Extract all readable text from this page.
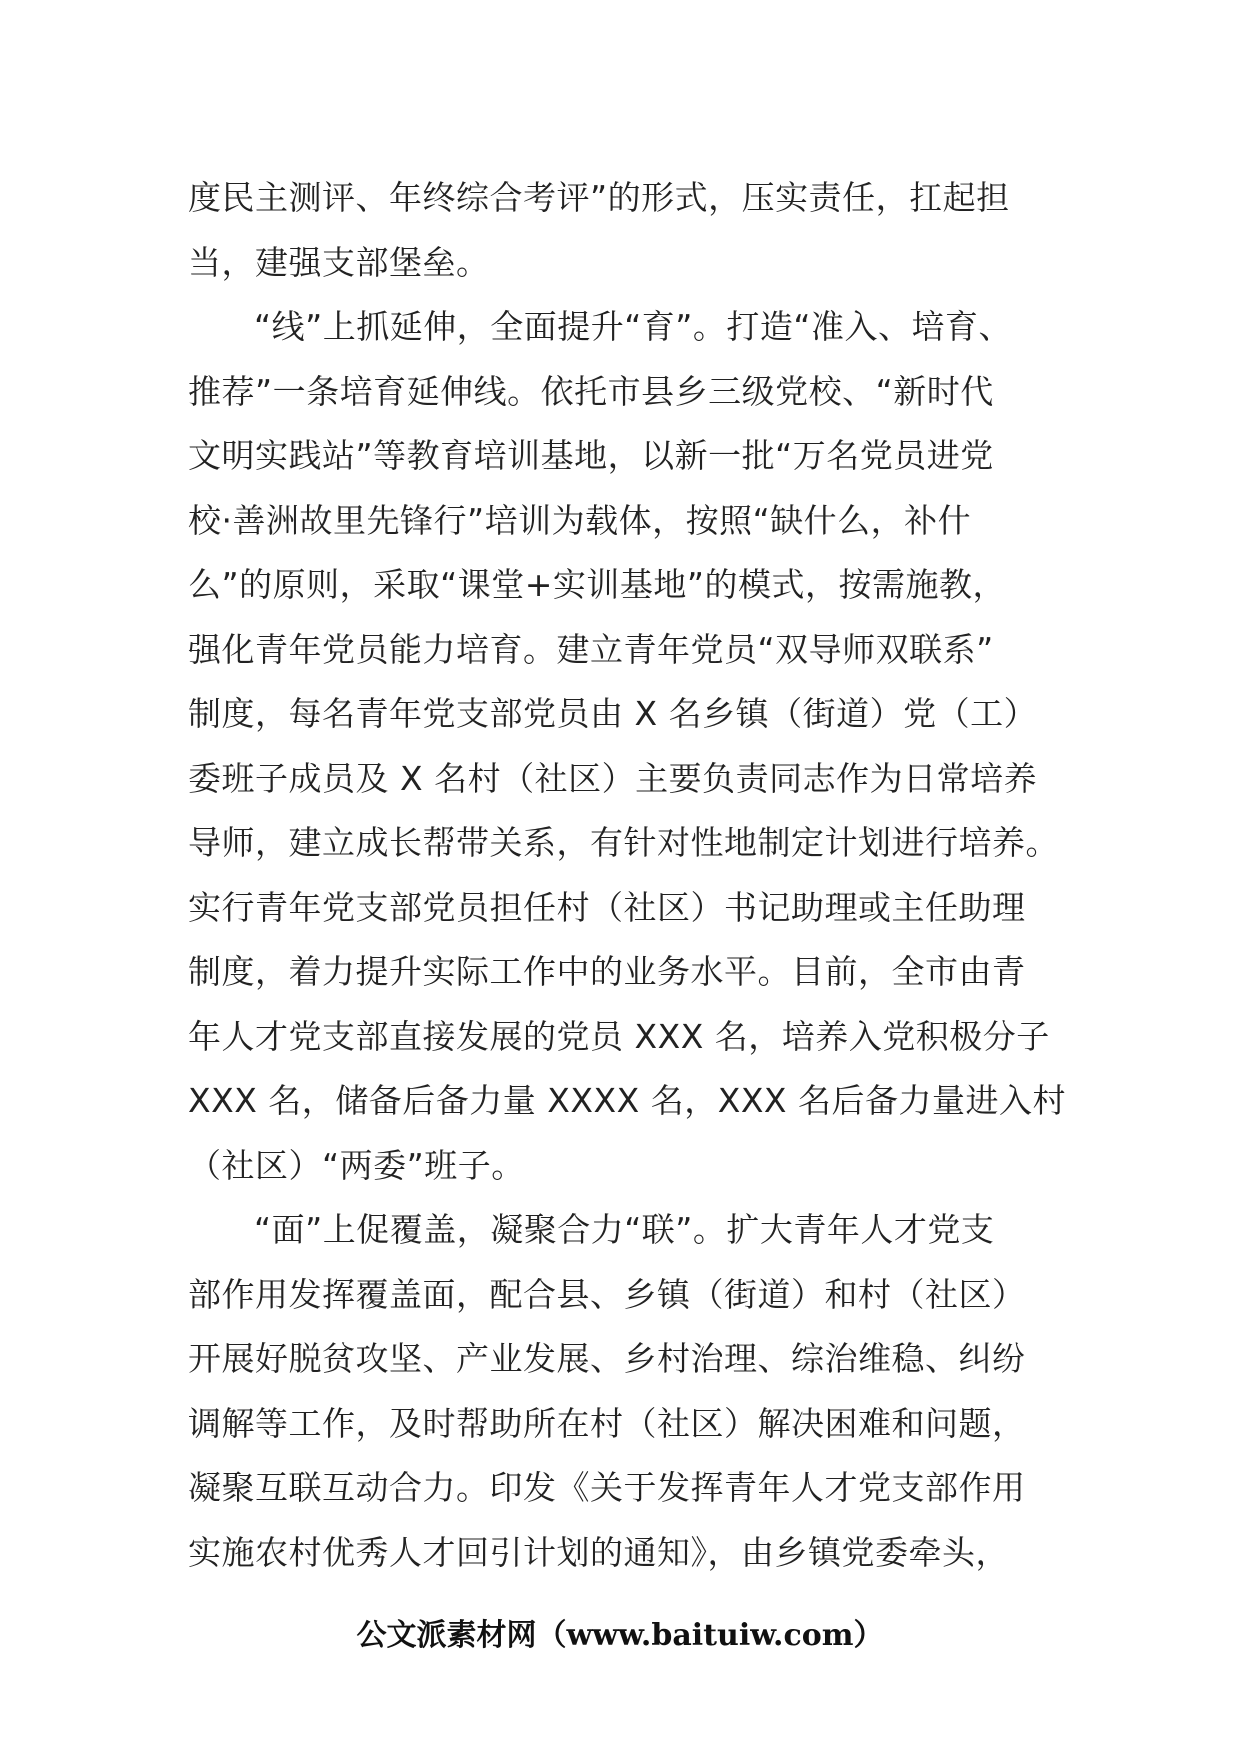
度民主测评、年终综合考评”的形式，压实责任，扛起担
当，建强支部堡垒。
“线”上抓延伸，全面提升“育”。打造“准入、培育、
推荐”一条培育延伸线。依托市县乡三级党校、“新时代
文明实践站”等教育培训基地，以新一批“万名党员进党
校·善洲故里先锋行”培训为载体，按照“缺什么，补什
么”的原则，采取“课堂+实训基地”的模式，按需施教，
强化青年党员能力培育。建立青年党员“双导师双联系”
制度，每名青年党支部党员由 X 名乡镇（街道）党（工）
委班子成员及 X 名村（社区）主要负责同志作为日常培养
导师，建立成长帮带关系，有针对性地制定计划进行培养。
实行青年党支部党员担任村（社区）书记助理或主任助理
制度，着力提升实际工作中的业务水平。目前，全市由青
年人才党支部直接发展的党员 XXX 名，培养入党积极分子
XXX 名，储备后备力量 XXXX 名，XXX 名后备力量进入村
（社区）“两委”班子。
“面”上促覆盖，凝聚合力“联”。扩大青年人才党支
部作用发挥覆盖面，配合县、乡镇（街道）和村（社区）
开展好脱贫攻坚、产业发展、乡村治理、综治维稳、纠纷
调解等工作，及时帮助所在村（社区）解决困难和问题，
凝聚互联互动合力。印发《关于发挥青年人才党支部作用
实施农村优秀人才回引计划的通知》，由乡镇党委牵头，
公文派素材网（www.baituiw.com）
